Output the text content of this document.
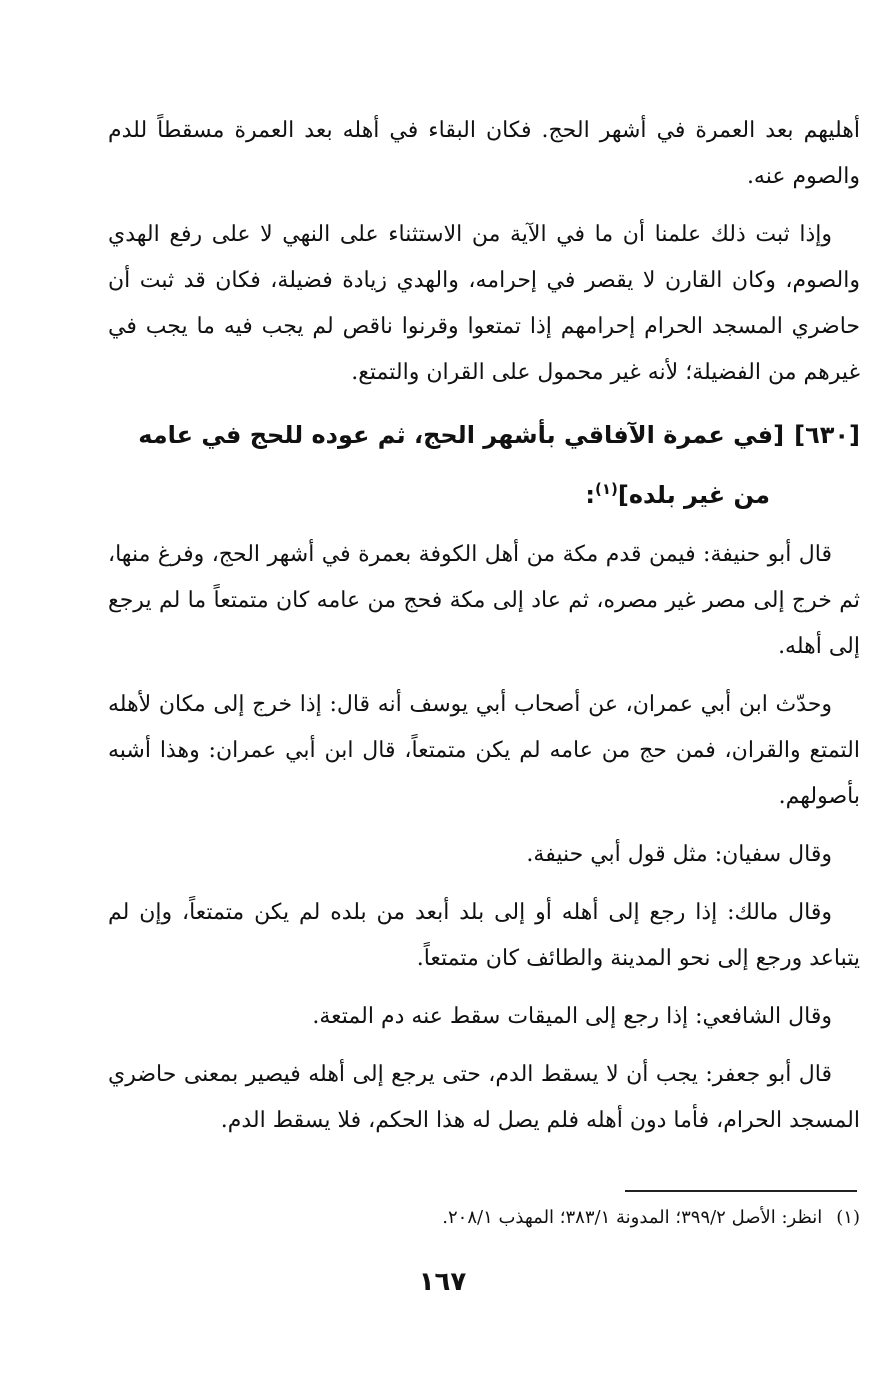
أهليهم بعد العمرة في أشهر الحج. فكان البقاء في أهله بعد العمرة مسقطاً للدم والصوم عنه.

وإذا ثبت ذلك علمنا أن ما في الآية من الاستثناء على النهي لا على رفع الهدي والصوم، وكان القارن لا يقصر في إحرامه، والهدي زيادة فضيلة، فكان قد ثبت أن حاضري المسجد الحرام إحرامهم إذا تمتعوا وقرنوا ناقص لم يجب فيه ما يجب في غيرهم من الفضيلة؛ لأنه غير محمول على القران والتمتع.

[٦٣٠][في عمرة الآفاقي بأشهر الحج، ثم عوده للحج في عامه
من غير بلده]$^{(١)}$:

قال أبو حنيفة: فيمن قدم مكة من أهل الكوفة بعمرة في أشهر الحج، وفرغ منها، ثم خرج إلى مصر غير مصره، ثم عاد إلى مكة فحج من عامه كان متمتعاً ما لم يرجع إلى أهله.

وحدّث ابن أبي عمران، عن أصحاب أبي يوسف أنه قال: إذا خرج إلى مكان لأهله التمتع والقران، فمن حج من عامه لم يكن متمتعاً، قال ابن أبي عمران: وهذا أشبه بأصولهم.

وقال سفيان: مثل قول أبي حنيفة.

وقال مالك: إذا رجع إلى أهله أو إلى بلد أبعد من بلده لم يكن متمتعاً، وإن لم يتباعد ورجع إلى نحو المدينة والطائف كان متمتعاً.

وقال الشافعي: إذا رجع إلى الميقات سقط عنه دم المتعة.

قال أبو جعفر: يجب أن لا يسقط الدم، حتى يرجع إلى أهله فيصير بمعنى حاضري المسجد الحرام، فأما دون أهله فلم يصل له هذا الحكم، فلا يسقط الدم.

(١)انظر: الأصل ٣٩٩/٢؛ المدونة ٣٨٣/١؛ المهذب ٢٠٨/١.
١٦٧
